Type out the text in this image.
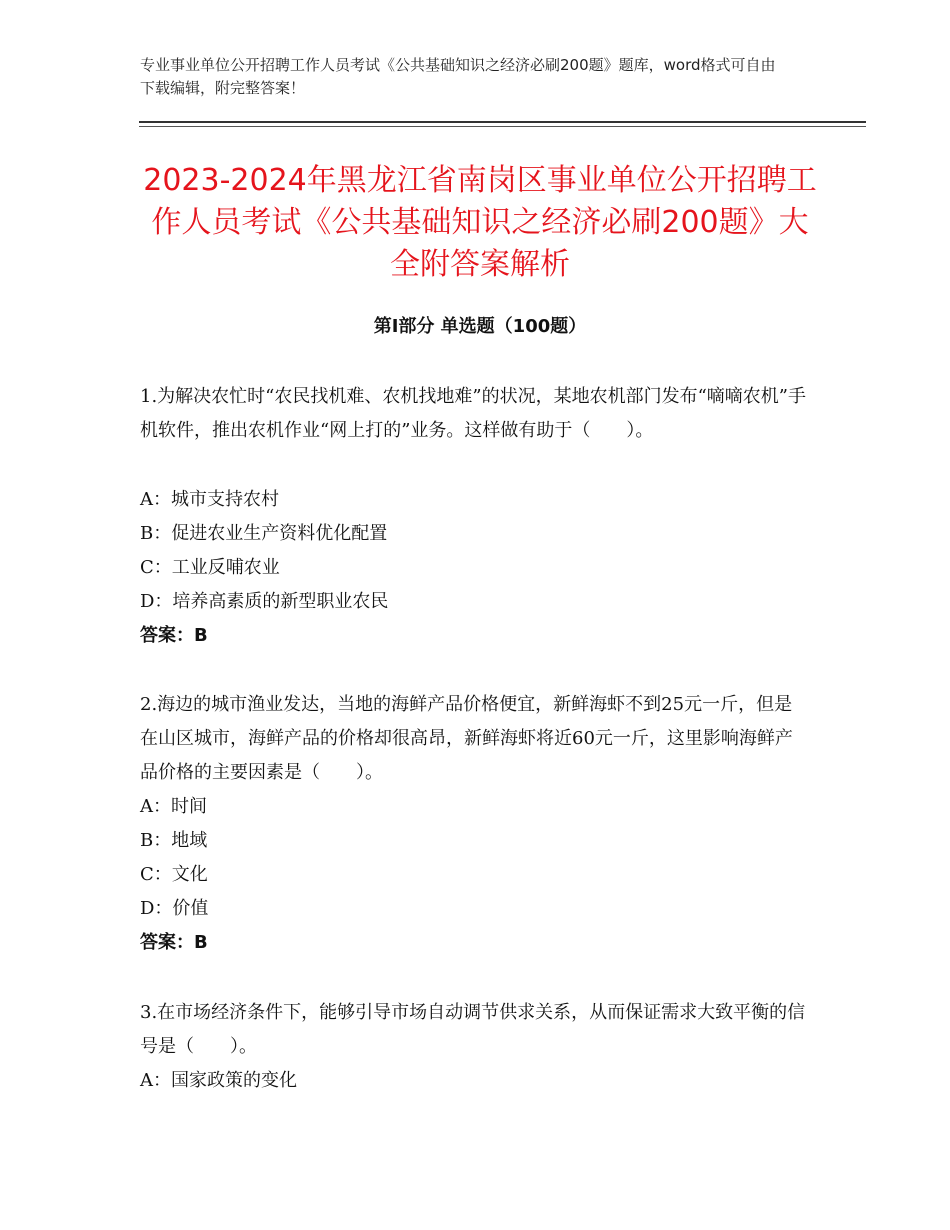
专业事业单位公开招聘工作人员考试《公共基础知识之经济必刷200题》题库，word格式可自由下载编辑，附完整答案！

2023-2024年黑龙江省南岗区事业单位公开招聘工作人员考试《公共基础知识之经济必刷200题》大全附答案解析
第Ⅰ部分 单选题（100题）

1.为解决农忙时“农民找机难、农机找地难”的状况，某地农机部门发布“嘀嘀农机”手机软件，推出农机作业“网上打的”业务。这样做有助于（　　）。

A：城市支持农村

B：促进农业生产资料优化配置

C：工业反哺农业

D：培养高素质的新型职业农民

答案：B

2.海边的城市渔业发达，当地的海鲜产品价格便宜，新鲜海虾不到25元一斤，但是在山区城市，海鲜产品的价格却很高昂，新鲜海虾将近60元一斤，这里影响海鲜产品价格的主要因素是（　　）。

A：时间

B：地域

C：文化

D：价值

答案：B

3.在市场经济条件下，能够引导市场自动调节供求关系，从而保证需求大致平衡的信号是（　　）。

A：国家政策的变化
